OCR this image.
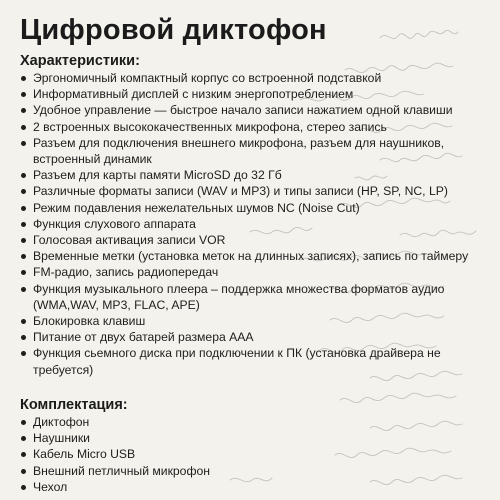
Цифровой диктофон
Характеристики:
Эргономичный компактный корпус со встроенной подставкой
Информативный дисплей с низким энергопотреблением
Удобное управление — быстрое начало записи нажатием одной клавиши
2 встроенных высококачественных микрофона, стерео запись
Разъем для подключения внешнего микрофона, разъем для наушников, встроенный динамик
Разъем для карты памяти MicroSD до 32 Гб
Различные форматы записи (WAV и MP3) и типы записи (HP, SP, NC, LP)
Режим подавления нежелательных шумов NC (Noise Cut)
Функция слухового аппарата
Голосовая активация записи VOR
Временные метки (установка меток на длинных записях), запись по таймеру
FM-радио, запись радиопередач
Функция музыкального плеера – поддержка множества форматов аудио (WMA,WAV, MP3, FLAC, APE)
Блокировка клавиш
Питание от двух батарей размера AAA
Функция сьемного диска при подключении к ПК (установка драйвера не требуется)
Комплектация:
Диктофон
Наушники
Кабель Micro USB
Внешний петличный микрофон
Чехол
